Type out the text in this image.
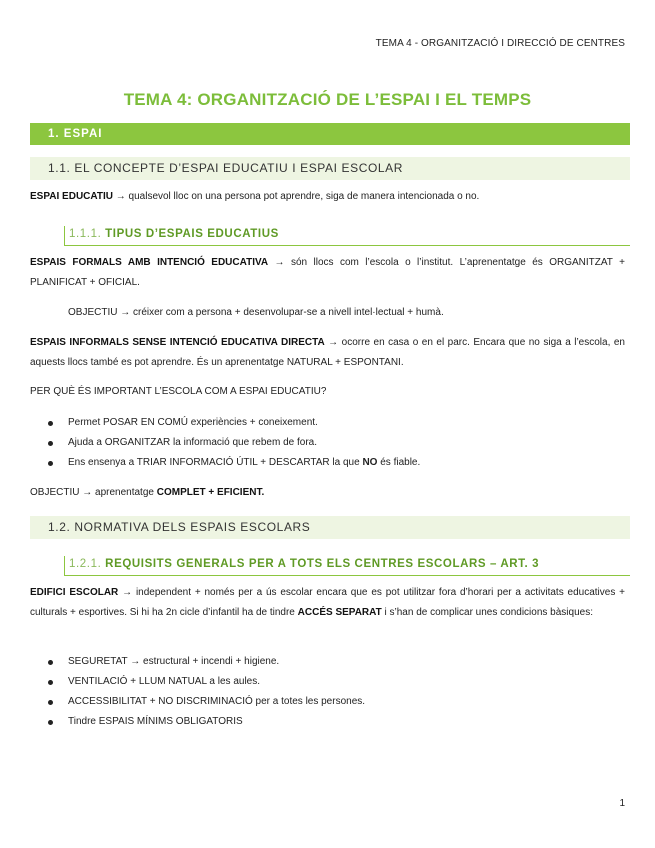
TEMA 4 - ORGANITZACIÓ I DIRECCIÓ DE CENTRES
TEMA 4: ORGANITZACIÓ DE L’ESPAI I EL TEMPS
1. ESPAI
1.1. EL CONCEPTE D’ESPAI EDUCATIU I ESPAI ESCOLAR
ESPAI EDUCATIU → qualsevol lloc on una persona pot aprendre, siga de manera intencionada o no.
1.1.1. TIPUS D’ESPAIS EDUCATIUS
ESPAIS FORMALS AMB INTENCIÓ EDUCATIVA → són llocs com l’escola o l’institut. L’aprenentatge és ORGANITZAT + PLANIFICAT + OFICIAL.
OBJECTIU → créixer com a persona + desenvolupar-se a nivell intel·lectual + humà.
ESPAIS INFORMALS SENSE INTENCIÓ EDUCATIVA DIRECTA → ocorre en casa o en el parc. Encara que no siga a l’escola, en aquests llocs també es pot aprendre. És un aprenentatge NATURAL + ESPONTANI.
PER QUÈ ÉS IMPORTANT L’ESCOLA COM A ESPAI EDUCATIU?
Permet POSAR EN COMÚ experiències + coneixement.
Ajuda a ORGANITZAR la informació que rebem de fora.
Ens ensenya a TRIAR INFORMACIÓ ÚTIL + DESCARTAR la que NO és fiable.
OBJECTIU → aprenentatge COMPLET + EFICIENT.
1.2. NORMATIVA DELS ESPAIS ESCOLARS
1.2.1. REQUISITS GENERALS PER A TOTS ELS CENTRES ESCOLARS – ART. 3
EDIFICI ESCOLAR → independent + només per a ús escolar encara que es pot utilitzar fora d’horari per a activitats educatives + culturals + esportives. Si hi ha 2n cicle d’infantil ha de tindre ACCÉS SEPARAT i s’han de complicar unes condicions bàsiques:
SEGURETAT → estructural + incendi + higiene.
VENTILACIÓ + LLUM NATUAL a les aules.
ACCESSIBILITAT + NO DISCRIMINACIÓ per a totes les persones.
Tindre ESPAIS MÍNIMS OBLIGATORIS
1
